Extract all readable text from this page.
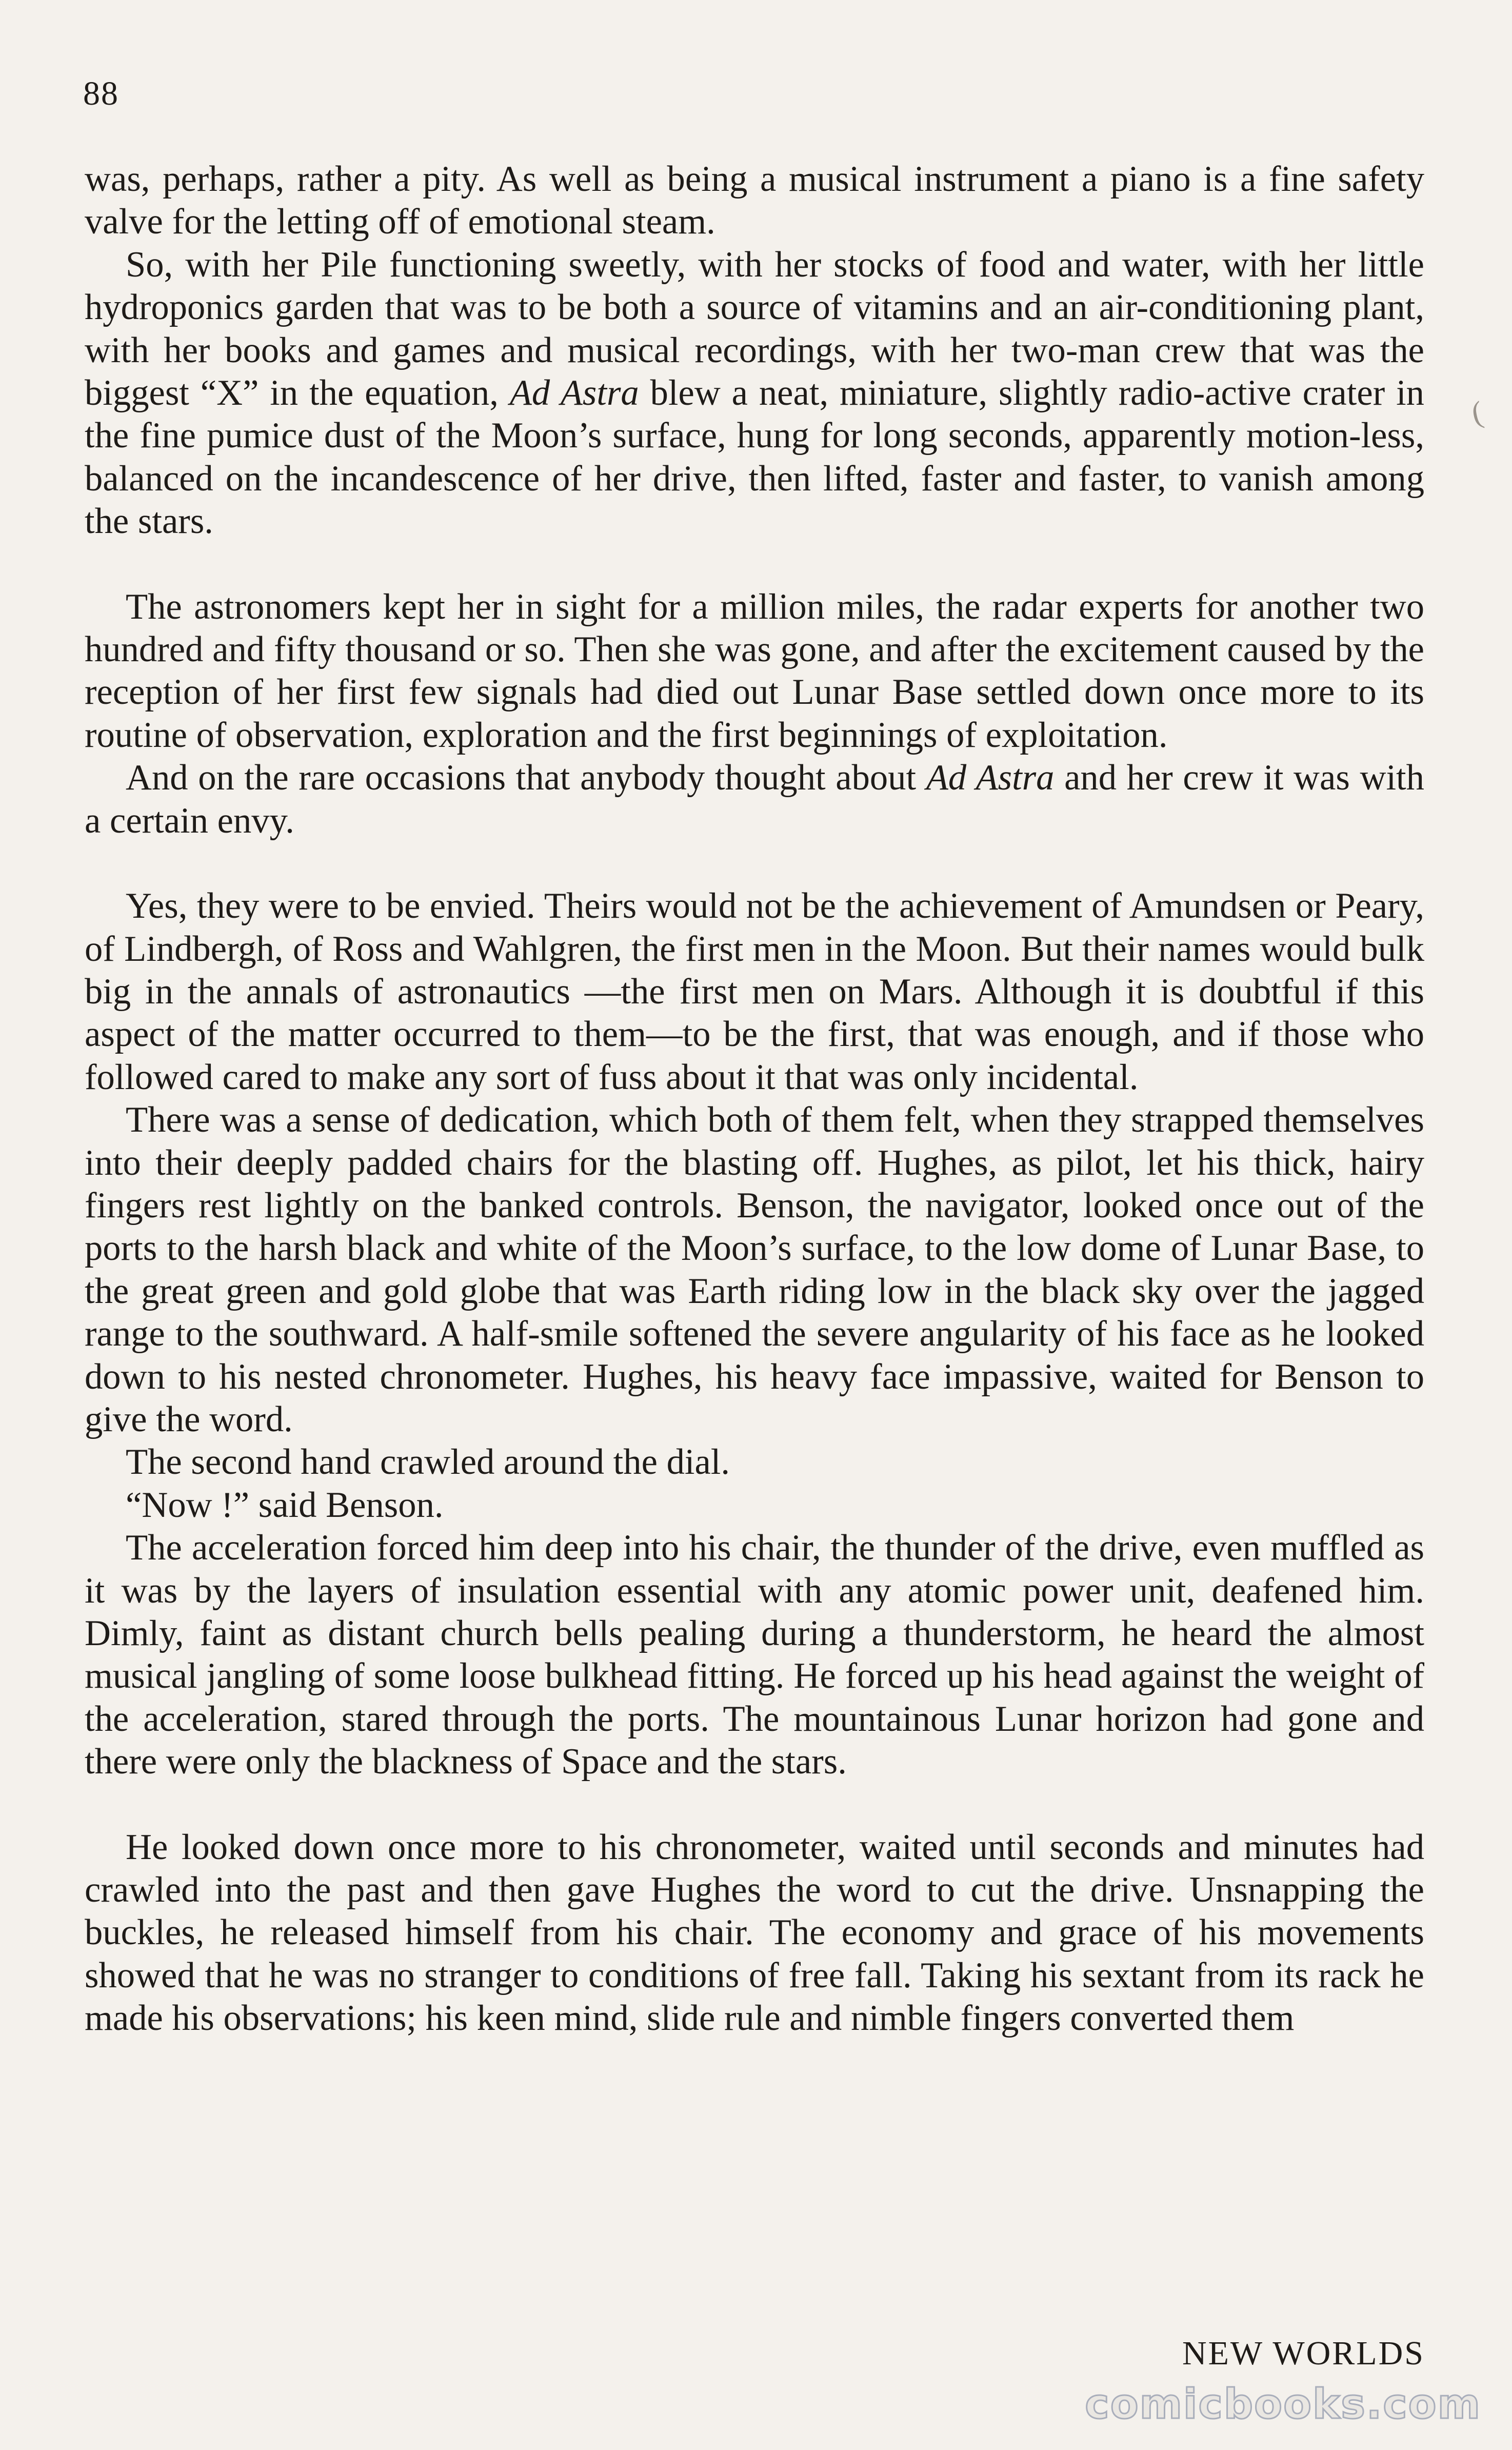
88
(

was, perhaps, rather a pity. As well as being a musical instrument a piano is a fine safety valve for the letting off of emotional steam.

So, with her Pile functioning sweetly, with her stocks of food and water, with her little hydroponics garden that was to be both a source of vitamins and an air-conditioning plant, with her books and games and musical recordings, with her two-man crew that was the biggest “X” in the equation, Ad Astra blew a neat, miniature, slightly radio-active crater in the fine pumice dust of the Moon’s surface, hung for long seconds, apparently motion-less, balanced on the incandescence of her drive, then lifted, faster and faster, to vanish among the stars.

The astronomers kept her in sight for a million miles, the radar experts for another two hundred and fifty thousand or so. Then she was gone, and after the excitement caused by the reception of her first few signals had died out Lunar Base settled down once more to its routine of observation, exploration and the first beginnings of exploitation.

And on the rare occasions that anybody thought about Ad Astra and her crew it was with a certain envy.

Yes, they were to be envied. Theirs would not be the achievement of Amundsen or Peary, of Lindbergh, of Ross and Wahlgren, the first men in the Moon. But their names would bulk big in the annals of astronautics —the first men on Mars. Although it is doubtful if this aspect of the matter occurred to them—to be the first, that was enough, and if those who followed cared to make any sort of fuss about it that was only incidental.

There was a sense of dedication, which both of them felt, when they strapped themselves into their deeply padded chairs for the blasting off. Hughes, as pilot, let his thick, hairy fingers rest lightly on the banked controls. Benson, the navigator, looked once out of the ports to the harsh black and white of the Moon’s surface, to the low dome of Lunar Base, to the great green and gold globe that was Earth riding low in the black sky over the jagged range to the southward. A half-smile softened the severe angularity of his face as he looked down to his nested chronometer. Hughes, his heavy face impassive, waited for Benson to give the word.

The second hand crawled around the dial.

“Now !” said Benson.

The acceleration forced him deep into his chair, the thunder of the drive, even muffled as it was by the layers of insulation essential with any atomic power unit, deafened him. Dimly, faint as distant church bells pealing during a thunderstorm, he heard the almost musical jangling of some loose bulkhead fitting. He forced up his head against the weight of the acceleration, stared through the ports. The mountainous Lunar horizon had gone and there were only the blackness of Space and the stars.

He looked down once more to his chronometer, waited until seconds and minutes had crawled into the past and then gave Hughes the word to cut the drive. Unsnapping the buckles, he released himself from his chair. The economy and grace of his movements showed that he was no stranger to conditions of free fall. Taking his sextant from its rack he made his observations; his keen mind, slide rule and nimble fingers converted them

NEW WORLDS
comicbooks.com
